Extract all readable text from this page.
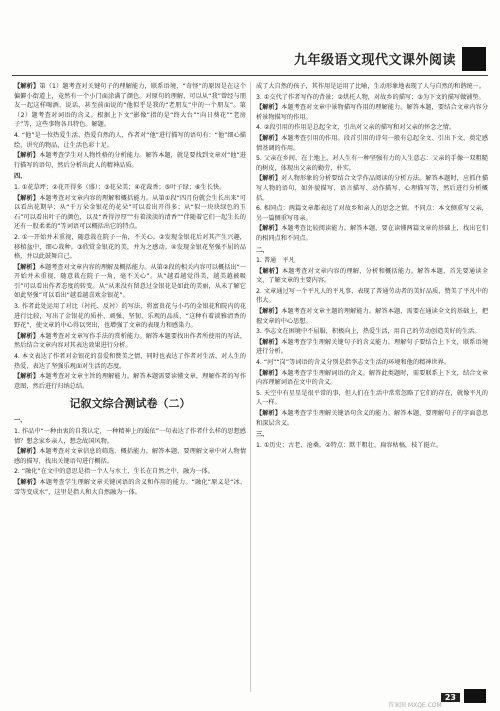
九年级语文现代文课外阅读

【解析】第（1）题考查对关键句子的理解能力，联系语境，“奇怪”的原因是在这个偏僻小街道上，竟然有一个小门面涂满了颜色。对原句的理解，可以从“我”曾经与朋友一起这样喝酒、说话、甚至前面说的“他似乎是我的“老朋友”中的一个朋友”。第（2）题考查对词语的含义。根据上下文“影像”指的是“终大台”“向日葵花”“老房子”等，这些事物各具特色。解题。

4. “他”是一位热爱生活、热爱自然的人，作者对“他”进行描写的语句有：“他”细心描绘，讲究的物品，让生活色彩十足。

【解析】本题考查学生对人物性格的分析能力。解答本题，就是要找到文章对“他”进行描写的语句，然后分析出此人的精神品质。

四、

1. ①花草坪；②花开得多（盛）；③花朵美；④花裁香；⑤叶子绿；⑥生长快。

【解析】本题考查对文章内容的理解和概括能力。从第①段“四月份就会生长出来”可以看出花期早；从“千万朵金银花的花朵”可以看出开得多；从“似一块块绿色的玉石”可以看出叶子的颜色，以及“香得淳厚”“有着淡淡的清香”“伴随着它们一起生长的还有一股柔柔的”等词语可以概括出它的特点。

2. ①一开始并未重视，随意栽在院子一角，不关心。②发现金银花后对其产生兴趣，移植盆中，细心栽种。③欣赏金银花的美，并为之感动。④发现金银花坚强不屈的品格，并以此鼓舞自己。

【解析】本题考查对文章内容的理解及概括能力。从第②段的相关内容可以概括出“一开始并未重视，随意栽在院子一角，毫不关心”。从“越看越觉得美，越美越被吸引”可以看出作者态度的转变。从“从来没有留意过金银花是如此的美丽，从未了解它如此坚强”可以看出“越看越喜欢金银花”。

3. 作者此处运用了对比（衬托、反衬）的写法，将富贵花与小巧的金银花和院内的花进行比较，写出了金银花的质朴、顽强、坚韧、乐观的品质，“这种有着淡雅清香的野花”，使文章的中心得以突出，也增强了文章的表现力和感染力。

【解析】本题考查对文章写作手法的赏析能力。解答本题要找出作者所使用的写法，然后结合文章内容对其表达效果进行分析。

4. 本文表达了作者对金银花的喜爱和赞美之情，同时也表达了作者对生活、对人生的热爱，表达了坚强乐观面对生活的态度。

【解析】本题考查对文章主旨的理解能力。解答本题需要读懂文章，理解作者的写作意图，然后进行归纳总结。

记叙文综合测试卷（二）

一、

1. 作品中“一种由衷的自我认定，一种精神上的皈依”一句表达了作者什么样的思想感情？想念家乡亲人，想念故国风物。

【解析】本题考查对文章信息的筛选、概括能力。解答本题，要理解文章中对人物情感的描写，找出关键语句进行概括。

2. “融化”在文中的意思是指一个人与水土、生长在自然之中，融为一体。

【解析】本题考查学生理解文章关键词语的含义和作用的能力。“融化”原义是“冰、雪等变成水”，这里是指人和大自然融为一体。

成了大自然的孩子，其作用是运用了比喻，生动形象地表现了人与自然的和谐统一。

3. ①交代了作者写作的背景；②烘托人物，对故乡的描写；③为下文的描写做铺垫。

【解析】本题考查对文章中景物描写作用的理解能力。解答本题，要结合文章内容分析景物描写的作用。

4. ②段引用的作用是总起全文，引出对父亲的描写和对父亲的怀念之情。

【解析】本题考查引用的作用。段首引用的诗句一般有总起全文、引出下文、奠定感情基调的作用。

5. 父亲在乡间、在土地上，对人生有一种坚强有力的人生意志：父亲的手像一双粗糙的树皮，体现出父亲的勤劳、朴实。

【解析】对人物形象的分析要结合文学作品阅读的分析方法。解答本题时，应抓住描写人物的语句，如外貌描写、语言描写、动作描写、心理描写等，然后进行分析概括。

6. 相同点：两篇文章都表达了对故乡和亲人的思念之情。不同点：本文侧重写父亲，另一篇侧重写母亲。

【解析】本题考查比较阅读能力。解答本题，要在读懂两篇文章的基础上，找出它们的相同点和不同点。

二、

1. 普通　平凡

【解析】本题考查对文章内容的理解、分析和概括能力。解答本题，首先要通读全文，了解文章的主要内容。

2. 文章通过写一个平凡人的平凡事，表现了普通劳动者的美好品质，赞美了平凡中的伟大。

【解析】本题考查对文章主题的理解能力。解答本题，需要在通读全文的基础上，把握文章的中心思想。

3. 李志文在困境中不屈服，积极向上，热爱生活，用自己的劳动创造美好的生活。

【解析】本题考查学生理解关键句子的含义能力。理解句子要结合上下文，联系语境进行分析。

4. “河”“岗”等词语的含义分别是指李志文生活的环境和他的精神世界。

【解析】本题考查学生理解词语的含义。解答此类题时，需要联系上下文，结合文章内容理解词语在文中的含义。

5. 天空中有星星是很平常的事，但人们在生活中常常忽略了它们的存在，就像平凡的人一样。

【解析】本题考查学生理解关键语句含义的能力。解答本题，要理解句子的字面意思和深层含义。

三、

1. ①历史；古老、沧桑。②特点：默干粗壮，扁容枯槁，枝丫挺立。

答案圈 MXQE.COM
23
